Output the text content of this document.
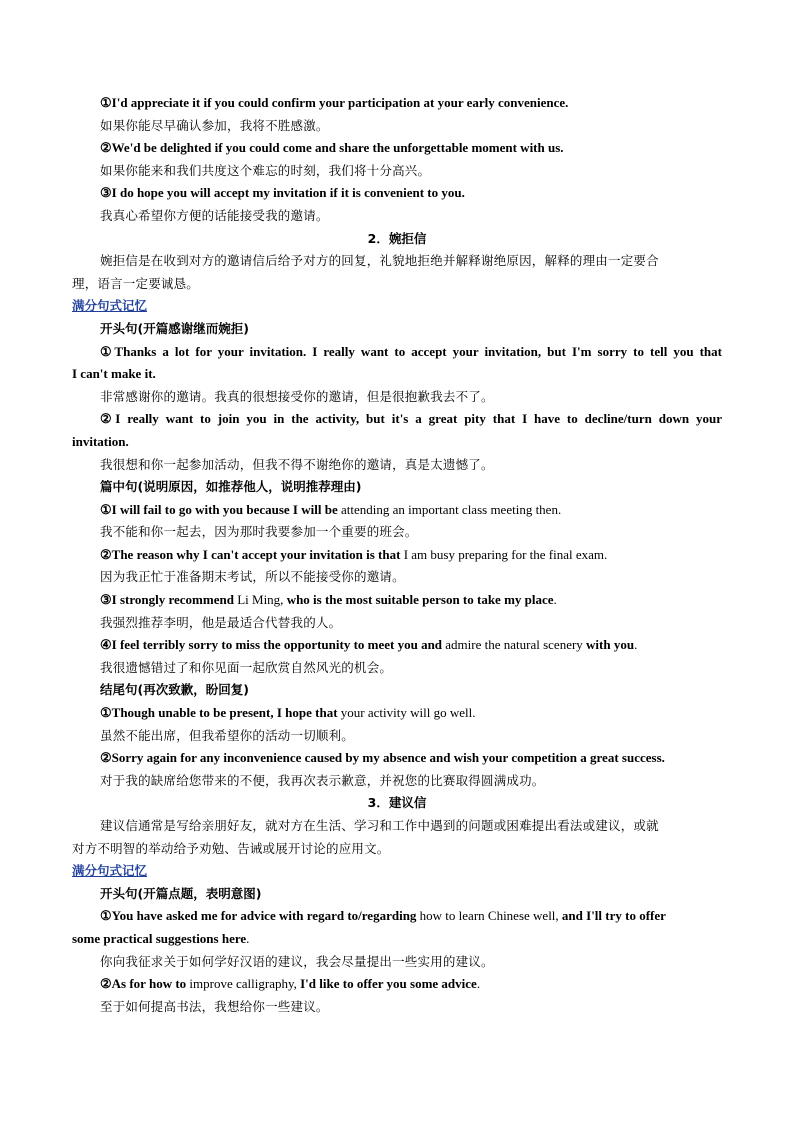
①I'd appreciate it if you could confirm your participation at your early convenience.
如果你能尽早确认参加，我将不胜感激。
②We'd be delighted if you could come and share the unforgettable moment with us.
如果你能来和我们共度这个难忘的时刻，我们将十分高兴。
③I do hope you will accept my invitation if it is convenient to you.
我真心希望你方便的话能接受我的邀请。
2．婉拒信
婉拒信是在收到对方的邀请信后给予对方的回复，礼貌地拒绝并解释谢绝原因，解释的理由一定要合
理，语言一定要诚恳。
满分句式记忆
开头句(开篇感谢继而婉拒)
①Thanks a lot for your invitation. I really want to accept your invitation, but I'm sorry to tell you that
I can't make it.
非常感谢你的邀请。我真的很想接受你的邀请，但是很抱歉我去不了。
②I really want to join you in the activity, but it's a great pity that I have to decline/turn down your
invitation.
我很想和你一起参加活动，但我不得不谢绝你的邀请，真是太遗憾了。
篇中句(说明原因，如推荐他人，说明推荐理由)
①I will fail to go with you because I will be attending an important class meeting then.
我不能和你一起去，因为那时我要参加一个重要的班会。
②The reason why I can't accept your invitation is that I am busy preparing for the final exam.
因为我正忙于准备期末考试，所以不能接受你的邀请。
③I strongly recommend Li Ming, who is the most suitable person to take my place.
我强烈推荐李明，他是最适合代替我的人。
④I feel terribly sorry to miss the opportunity to meet you and admire the natural scenery with you.
我很遗憾错过了和你见面一起欣赏自然风光的机会。
结尾句(再次致歉，盼回复)
①Though unable to be present, I hope that your activity will go well.
虽然不能出席，但我希望你的活动一切顺利。
②Sorry again for any inconvenience caused by my absence and wish your competition a great success.
对于我的缺席给您带来的不便，我再次表示歉意，并祝您的比赛取得圆满成功。
3．建议信
建议信通常是写给亲朋好友，就对方在生活、学习和工作中遇到的问题或困难提出看法或建议，或就
对方不明智的举动给予劝勉、告诫或展开讨论的应用文。
满分句式记忆
开头句(开篇点题，表明意图)
①You have asked me for advice with regard to/regarding how to learn Chinese well, and I'll try to offer
some practical suggestions here.
你向我征求关于如何学好汉语的建议，我会尽量提出一些实用的建议。
②As for how to improve calligraphy, I'd like to offer you some advice.
至于如何提高书法，我想给你一些建议。
